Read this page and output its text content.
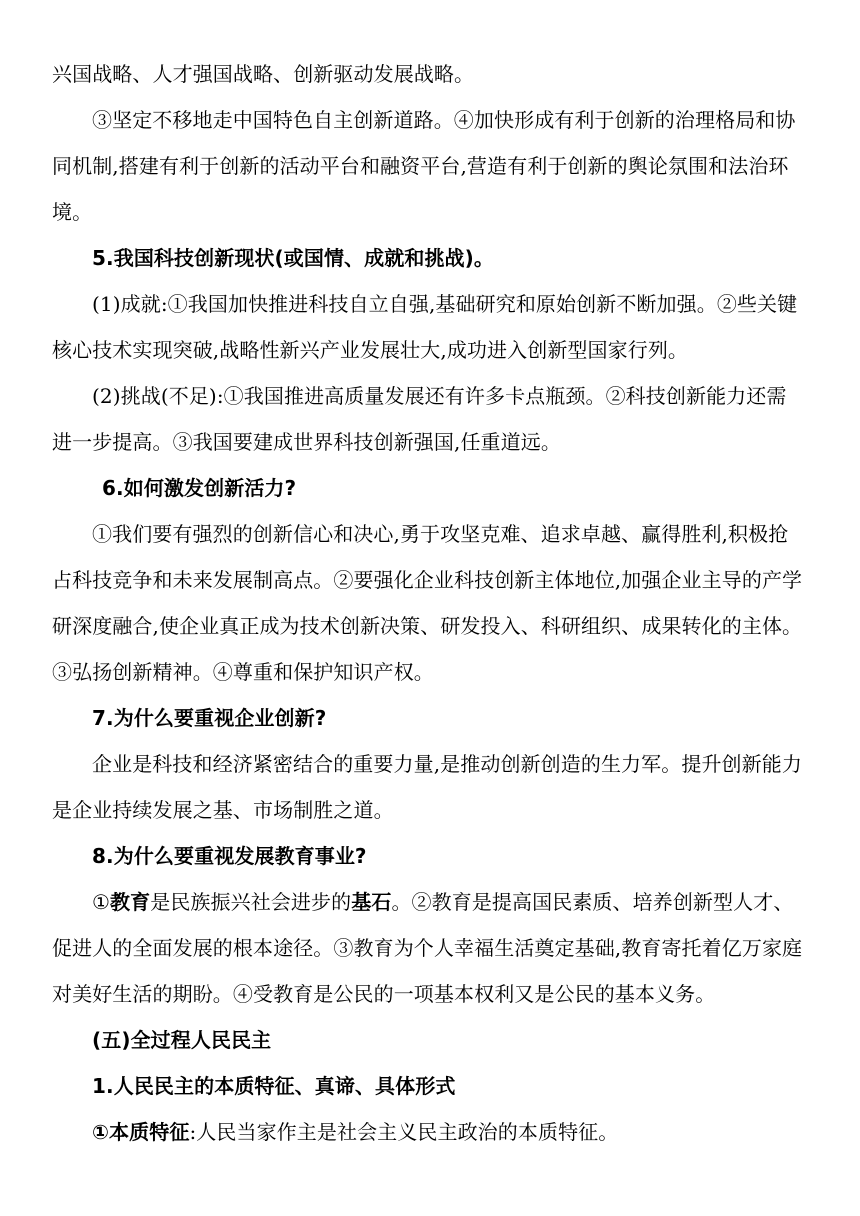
兴国战略、人才强国战略、创新驱动发展战略。
③坚定不移地走中国特色自主创新道路。④加快形成有利于创新的治理格局和协
同机制,搭建有利于创新的活动平台和融资平台,营造有利于创新的舆论氛围和法治环
境。
5.我国科技创新现状(或国情、成就和挑战)。
(1)成就:①我国加快推进科技自立自强,基础研究和原始创新不断加强。②些关键
核心技术实现突破,战略性新兴产业发展壮大,成功进入创新型国家行列。
(2)挑战(不足):①我国推进高质量发展还有许多卡点瓶颈。②科技创新能力还需
进一步提高。③我国要建成世界科技创新强国,任重道远。
6.如何激发创新活力?
①我们要有强烈的创新信心和决心,勇于攻坚克难、追求卓越、赢得胜利,积极抢
占科技竞争和未来发展制高点。②要强化企业科技创新主体地位,加强企业主导的产学
研深度融合,使企业真正成为技术创新决策、研发投入、科研组织、成果转化的主体。
③弘扬创新精神。④尊重和保护知识产权。
7.为什么要重视企业创新?
企业是科技和经济紧密结合的重要力量,是推动创新创造的生力军。提升创新能力
是企业持续发展之基、市场制胜之道。
8.为什么要重视发展教育事业?
①教育是民族振兴社会进步的基石。②教育是提高国民素质、培养创新型人才、
促进人的全面发展的根本途径。③教育为个人幸福生活奠定基础,教育寄托着亿万家庭
对美好生活的期盼。④受教育是公民的一项基本权利又是公民的基本义务。
(五)全过程人民民主
1.人民民主的本质特征、真谛、具体形式
①本质特征:人民当家作主是社会主义民主政治的本质特征。
